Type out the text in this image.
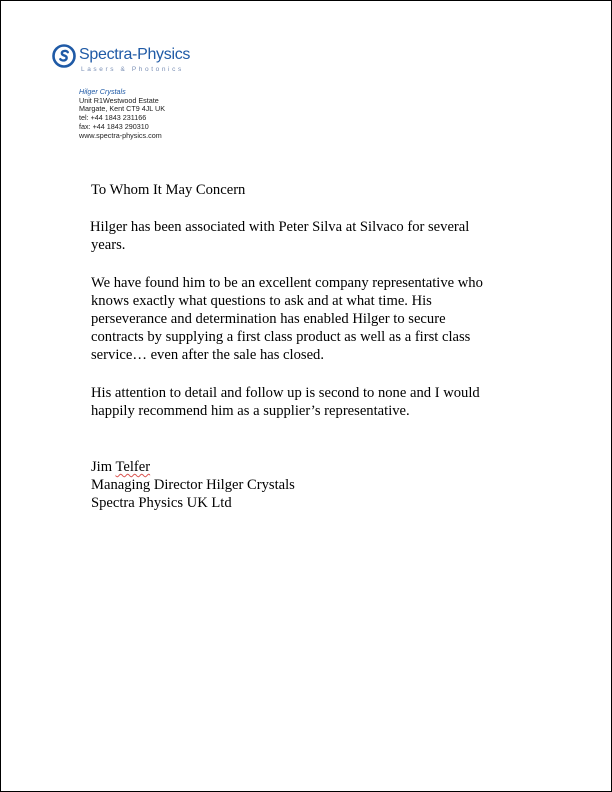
Spectra-Physics
Lasers & Photonics
Hilger Crystals
Unit R1Westwood Estate
Margate, Kent CT9 4JL UK
tel: +44 1843 231166
fax: +44 1843 290310
www.spectra-physics.com
To Whom It May Concern
Hilger has been associated with Peter Silva at Silvaco for several
years.
We have found him to be an excellent company representative who
knows exactly what questions to ask and at what time. His
perseverance and determination has enabled Hilger to secure
contracts by supplying a first class product as well as a first class
service… even after the sale has closed.
His attention to detail and follow up is second to none and I would
happily recommend him as a supplier’s representative.
Jim Telfer
Managing Director Hilger Crystals
Spectra Physics UK Ltd
